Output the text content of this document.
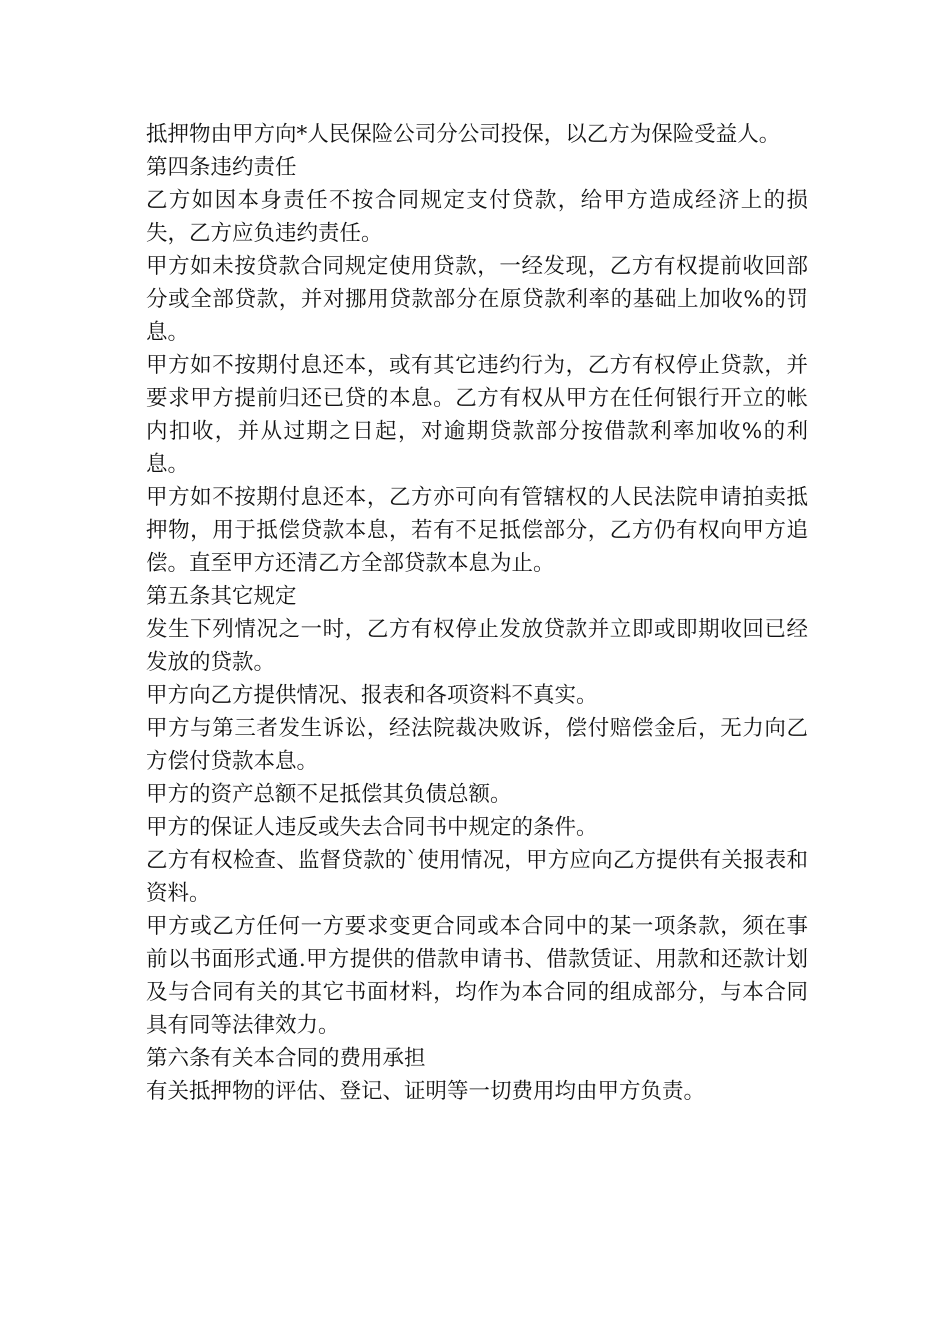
抵押物由甲方向*人民保险公司分公司投保，以乙方为保险受益人。

第四条违约责任

乙方如因本身责任不按合同规定支付贷款，给甲方造成经济上的损失，乙方应负违约责任。

甲方如未按贷款合同规定使用贷款，一经发现，乙方有权提前收回部分或全部贷款，并对挪用贷款部分在原贷款利率的基础上加收%的罚息。

甲方如不按期付息还本，或有其它违约行为，乙方有权停止贷款，并要求甲方提前归还已贷的本息。乙方有权从甲方在任何银行开立的帐内扣收，并从过期之日起，对逾期贷款部分按借款利率加收%的利息。

甲方如不按期付息还本，乙方亦可向有管辖权的人民法院申请拍卖抵押物，用于抵偿贷款本息，若有不足抵偿部分，乙方仍有权向甲方追偿。直至甲方还清乙方全部贷款本息为止。

第五条其它规定

发生下列情况之一时，乙方有权停止发放贷款并立即或即期收回已经发放的贷款。

甲方向乙方提供情况、报表和各项资料不真实。

甲方与第三者发生诉讼，经法院裁决败诉，偿付赔偿金后，无力向乙方偿付贷款本息。

甲方的资产总额不足抵偿其负债总额。

甲方的保证人违反或失去合同书中规定的条件。

乙方有权检查、监督贷款的`使用情况，甲方应向乙方提供有关报表和资料。

甲方或乙方任何一方要求变更合同或本合同中的某一项条款，须在事前以书面形式通.甲方提供的借款申请书、借款赁证、用款和还款计划及与合同有关的其它书面材料，均作为本合同的组成部分，与本合同具有同等法律效力。

第六条有关本合同的费用承担

有关抵押物的评估、登记、证明等一切费用均由甲方负责。
